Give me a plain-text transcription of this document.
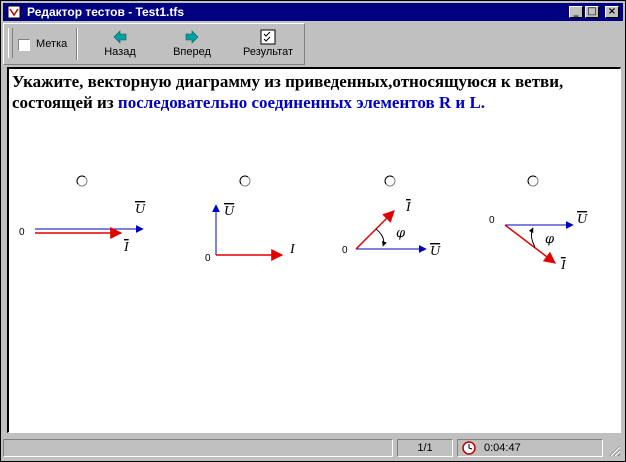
Редактор тестов - Test1.tfs	_ □ ×
Метка
Назад	Вперед	Результат
Укажите, векторную диаграмму из приведенных,относящуюся к ветви, состоящей из последовательно соединенных элементов R и L.
0
U
I
0
U
I	0
I
U
φ
0	U
I
φ
1/1	0:04:47
